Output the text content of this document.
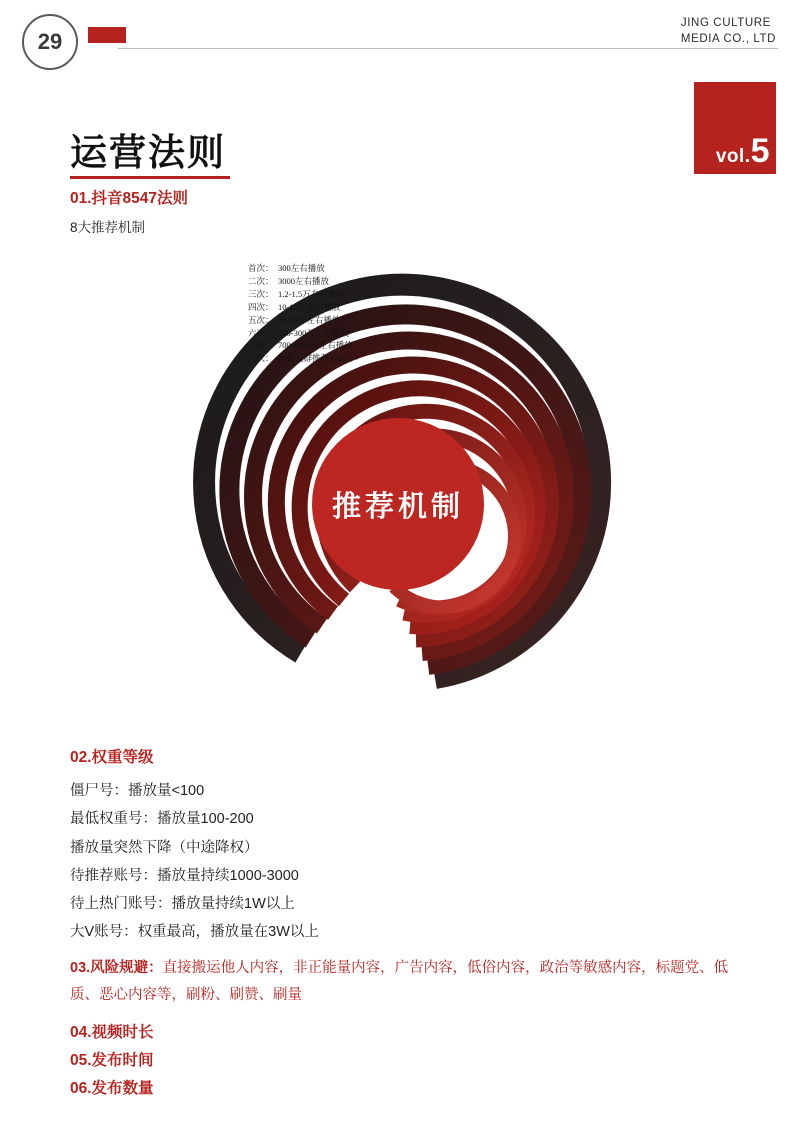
29
JING CULTURE
MEDIA CO., LTD
vol.5
运营法则
01.抖音8547法则
8大推荐机制
首次： 300左右播放
二次： 3000左右播放
三次： 1.2-1.5万左右播放
四次： 10-12万左右播放
五次： 40-60万左右播放
六次： 200-300万左右播放
七次： 700-1100万左右播放
八次： 标签人群推荐3000万+
推荐机制
02.权重等级
僵尸号：播放量<100
最低权重号：播放量100-200
播放量突然下降（中途降权）
待推荐账号：播放量持续1000-3000
待上热门账号：播放量持续1W以上
大V账号：权重最高，播放量在3W以上
03.风险规避：直接搬运他人内容，非正能量内容，广告内容，低俗内容，政治等敏感内容，标题党、低质、恶心内容等，刷粉、刷赞、刷量
04.视频时长
05.发布时间
06.发布数量
